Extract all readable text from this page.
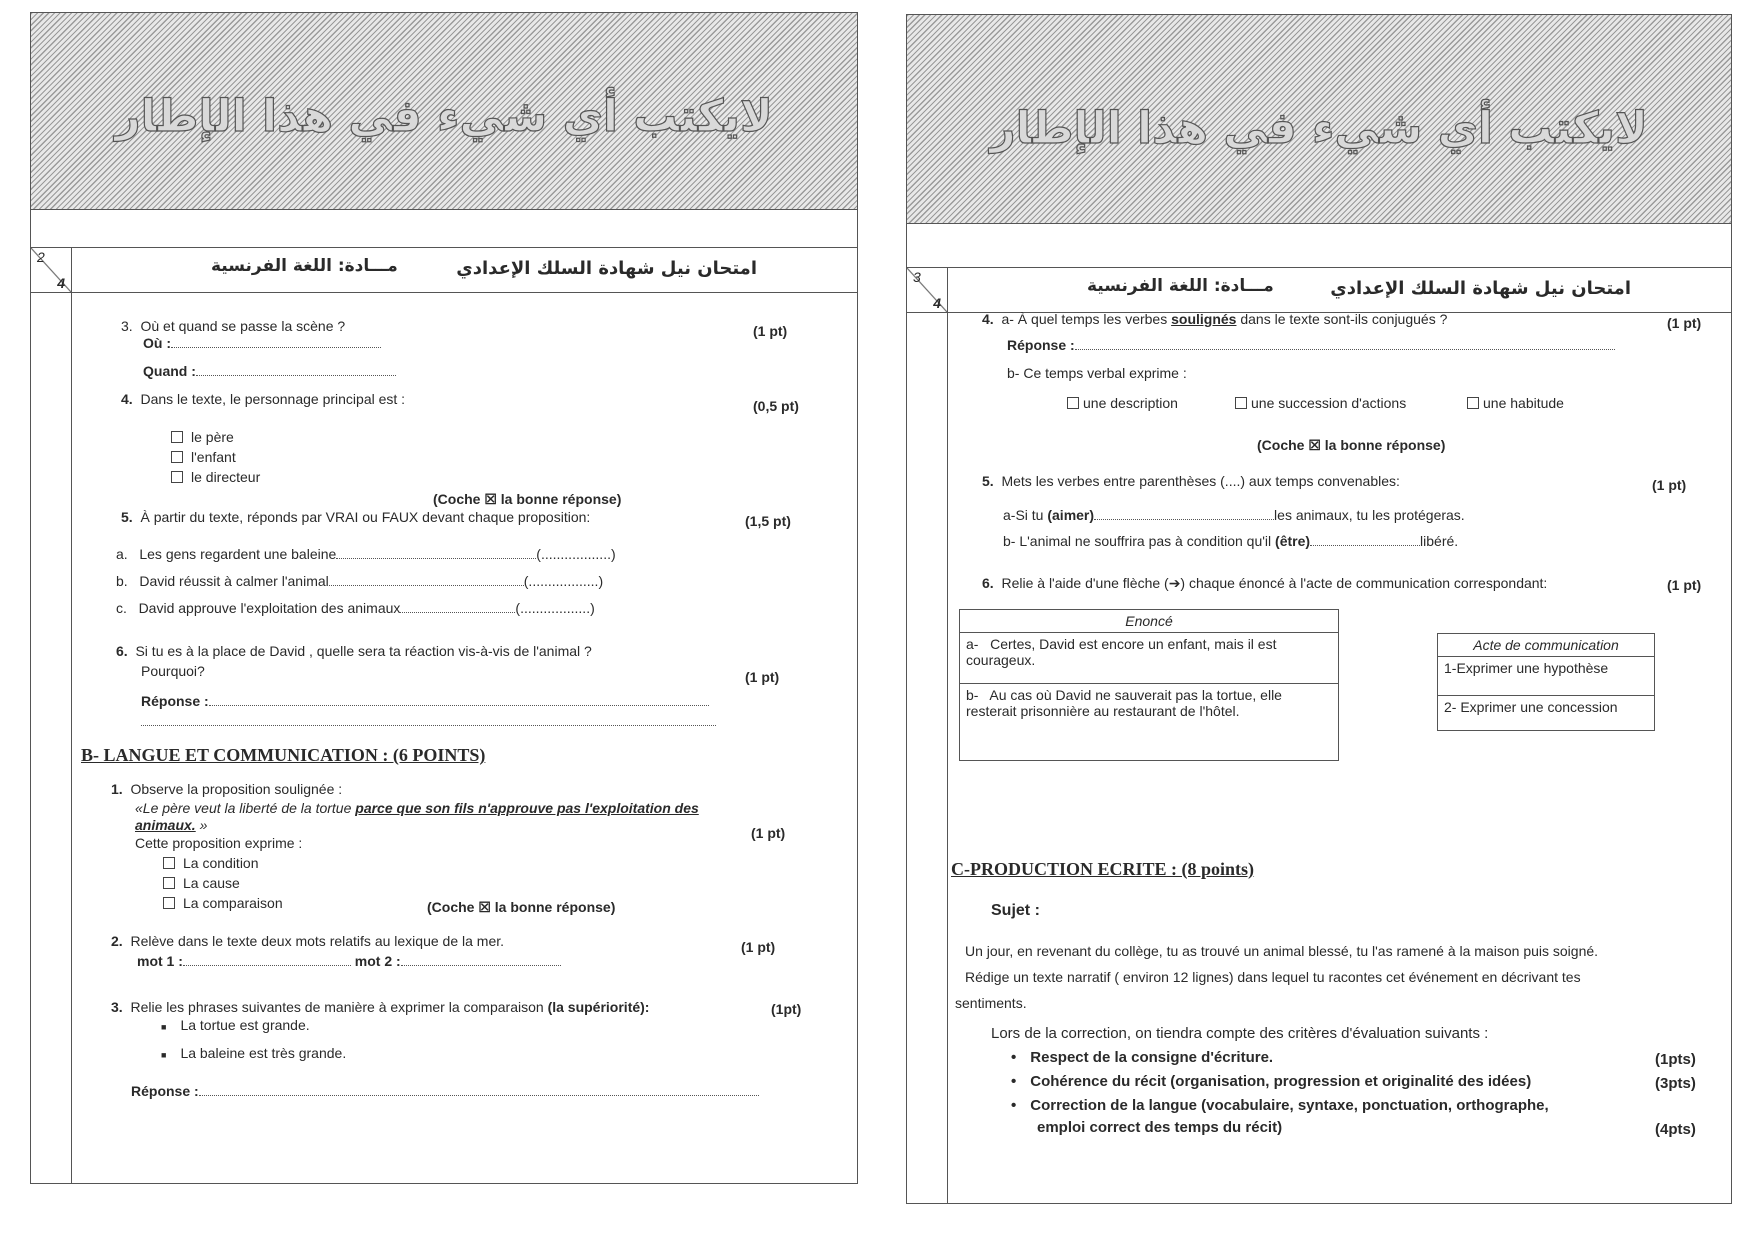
لايكتب أي شيء في هذا الإطار
2
4
امتحان نيل شهادة السلك الإعدادي
مـــادة: اللغة الفرنسية
3. Où et quand se passe la scène ?	(1 pt)
Où :
Quand :
4. Dans le texte, le personnage principal est :	(0,5 pt)
le père
l'enfant
le directeur
(Coche ☒ la bonne réponse)
5. À partir du texte, réponds par VRAI ou FAUX devant chaque proposition:	(1,5 pt)
a. Les gens regardent une baleine	(..................)
b. David réussit à calmer l'animal	(..................)
c. David approuve l'exploitation des animaux	(..................)
6. Si tu es à la place de David , quelle sera ta réaction vis-à-vis de l'animal ?
Pourquoi?	(1 pt)
Réponse :
B- LANGUE ET COMMUNICATION : (6 POINTS)
1. Observe la proposition soulignée :
«Le père veut la liberté de la tortue parce que son fils n'approuve pas l'exploitation des
animaux. »	(1 pt)
Cette proposition exprime :
La condition
La cause
La comparaison	(Coche ☒ la bonne réponse)
2. Relève dans le texte deux mots relatifs au lexique de la mer.	(1 pt)
mot 1 :	mot 2 :
3. Relie les phrases suivantes de manière à exprimer la comparaison (la supériorité):	(1pt)
■ La tortue est grande.
■ La baleine est très grande.
Réponse :
لايكتب أي شيء في هذا الإطار
3
4
امتحان نيل شهادة السلك الإعدادي
مـــادة: اللغة الفرنسية
4. a- À quel temps les verbes soulignés dans le texte sont-ils conjugués ?	(1 pt)
Réponse :
b- Ce temps verbal exprime :
une description	une succession d'actions	une habitude
(Coche ☒ la bonne réponse)
5. Mets les verbes entre parenthèses (....) aux temps convenables:	(1 pt)
a-Si tu (aimer)	les animaux, tu les protégeras.
b- L'animal ne souffrira pas à condition qu'il (être)	libéré.
6. Relie à l'aide d'une flèche (➔) chaque énoncé à l'acte de communication correspondant:	(1 pt)
Enoncé
a- Certes, David est encore un enfant, mais il est courageux.
b- Au cas où David ne sauverait pas la tortue, elle resterait prisonnière au restaurant de l'hôtel.
Acte de communication
1-Exprimer une hypothèse
2- Exprimer une concession
C-PRODUCTION ECRITE : (8 points)
Sujet :
Un jour, en revenant du collège, tu as trouvé un animal blessé, tu l'as ramené à la maison puis soigné.
Rédige un texte narratif ( environ 12 lignes) dans lequel tu racontes cet événement en décrivant tes
sentiments.
Lors de la correction, on tiendra compte des critères d'évaluation suivants :
• Respect de la consigne d'écriture.	(1pts)
• Cohérence du récit (organisation, progression et originalité des idées)	(3pts)
• Correction de la langue (vocabulaire, syntaxe, ponctuation, orthographe,
emploi correct des temps du récit)	(4pts)
